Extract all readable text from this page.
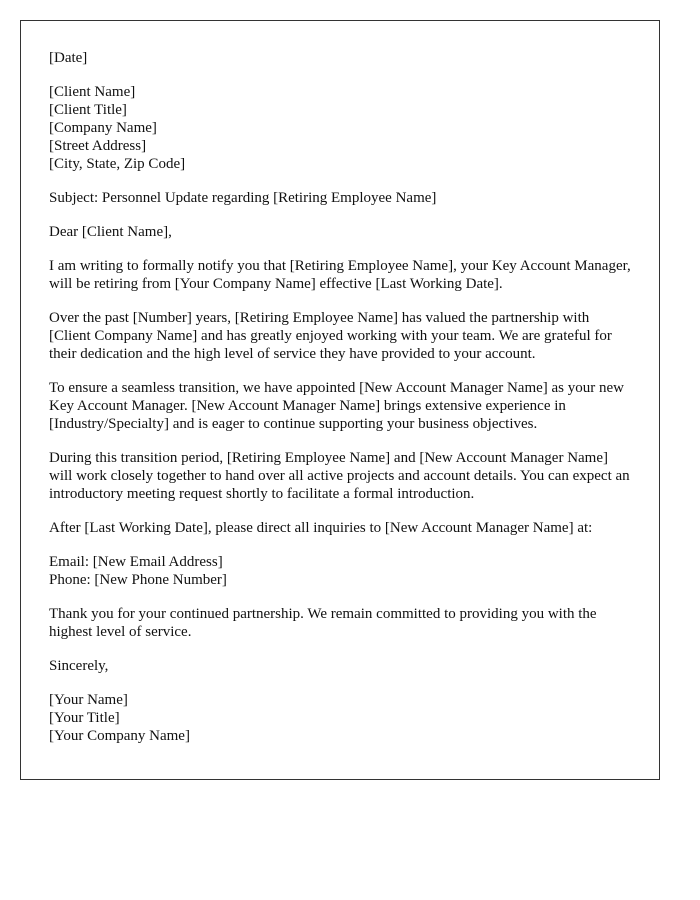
[Date]

[Client Name]
[Client Title]
[Company Name]
[Street Address]
[City, State, Zip Code]

Subject: Personnel Update regarding [Retiring Employee Name]

Dear [Client Name],

I am writing to formally notify you that [Retiring Employee Name], your Key Account Manager, will be retiring from [Your Company Name] effective [Last Working Date].

Over the past [Number] years, [Retiring Employee Name] has valued the partnership with [Client Company Name] and has greatly enjoyed working with your team. We are grateful for their dedication and the high level of service they have provided to your account.

To ensure a seamless transition, we have appointed [New Account Manager Name] as your new Key Account Manager. [New Account Manager Name] brings extensive experience in [Industry/Specialty] and is eager to continue supporting your business objectives.

During this transition period, [Retiring Employee Name] and [New Account Manager Name] will work closely together to hand over all active projects and account details. You can expect an introductory meeting request shortly to facilitate a formal introduction.

After [Last Working Date], please direct all inquiries to [New Account Manager Name] at:

Email: [New Email Address]
Phone: [New Phone Number]

Thank you for your continued partnership. We remain committed to providing you with the highest level of service.

Sincerely,

[Your Name]
[Your Title]
[Your Company Name]
